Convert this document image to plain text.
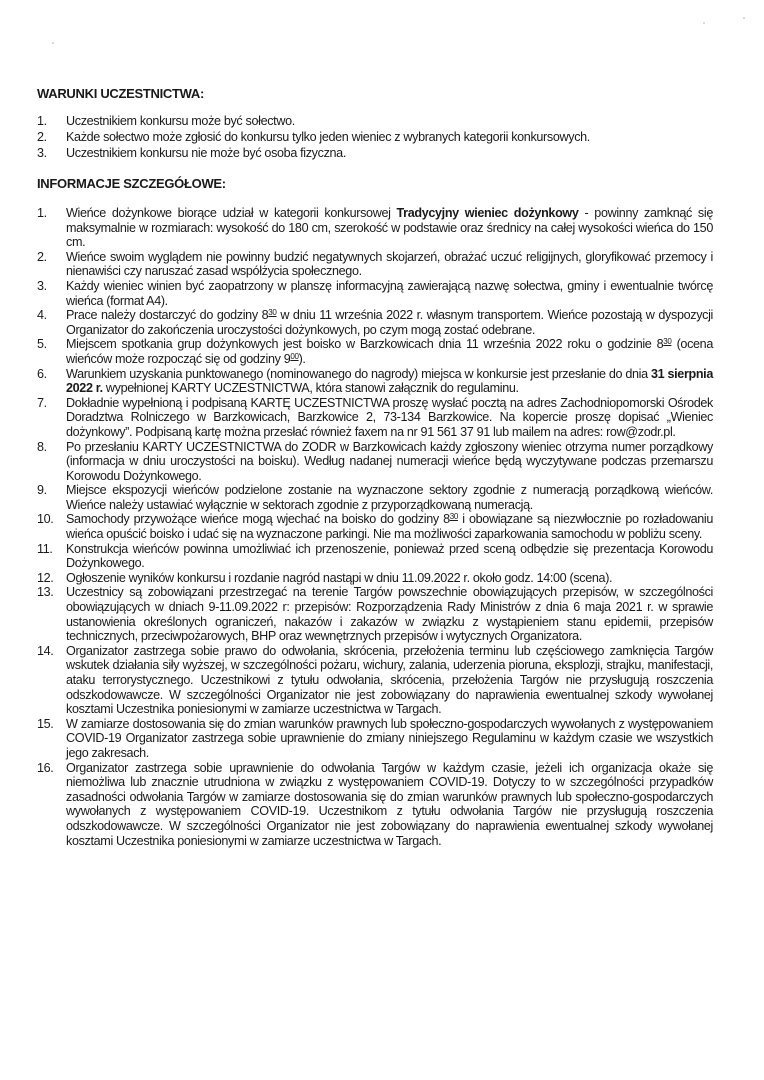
WARUNKI UCZESTNICTWA:
1.	Uczestnikiem konkursu może być sołectwo.
2.	Każde sołectwo może zgłosić do konkursu tylko jeden wieniec z wybranych kategorii konkursowych.
3.	Uczestnikiem konkursu nie może być osoba fizyczna.
INFORMACJE SZCZEGÓŁOWE:
1.	Wieńce dożynkowe biorące udział w kategorii konkursowej Tradycyjny wieniec dożynkowy - powinny zamknąć się maksymalnie w rozmiarach: wysokość do 180 cm, szerokość w podstawie oraz średnicy na całej wysokości wieńca do 150 cm.
2.	Wieńce swoim wyglądem nie powinny budzić negatywnych skojarzeń, obrażać uczuć religijnych, gloryfikować przemocy i nienawiści czy naruszać zasad współżycia społecznego.
3.	Każdy wieniec winien być zaopatrzony w planszę informacyjną zawierającą nazwę sołectwa, gminy i ewentualnie twórcę wieńca (format A4).
4.	Prace należy dostarczyć do godziny $8^{30}$ w dniu 11 września 2022 r. własnym transportem. Wieńce pozostają w dyspozycji Organizator do zakończenia uroczystości dożynkowych, po czym mogą zostać odebrane.
5.	Miejscem spotkania grup dożynkowych jest boisko w Barzkowicach dnia 11 września 2022 roku o godzinie $8^{30}$ (ocena wieńców może rozpocząć się od godziny $9^{00}$).
6.	Warunkiem uzyskania punktowanego (nominowanego do nagrody) miejsca w konkursie jest przesłanie do dnia 31 sierpnia 2022 r. wypełnionej KARTY UCZESTNICTWA, która stanowi załącznik do regulaminu.
7.	Dokładnie wypełnioną i podpisaną KARTĘ UCZESTNICTWA proszę wysłać pocztą na adres Zachodniopomorski Ośrodek Doradztwa Rolniczego w Barzkowicach, Barzkowice 2, 73-134 Barzkowice. Na kopercie proszę dopisać „Wieniec dożynkowy”. Podpisaną kartę można przesłać również faxem na nr 91 561 37 91 lub mailem na adres: row@zodr.pl.
8.	Po przesłaniu KARTY UCZESTNICTWA do ZODR w Barzkowicach każdy zgłoszony wieniec otrzyma numer porządkowy (informacja w dniu uroczystości na boisku). Według nadanej numeracji wieńce będą wyczytywane podczas przemarszu Korowodu Dożynkowego.
9.	Miejsce ekspozycji wieńców podzielone zostanie na wyznaczone sektory zgodnie z numeracją porządkową wieńców. Wieńce należy ustawiać wyłącznie w sektorach zgodnie z przyporządkowaną numeracją.
10. Samochody przywożące wieńce mogą wjechać na boisko do godziny $8^{30}$ i obowiązane są niezwłocznie po rozładowaniu wieńca opuścić boisko i udać się na wyznaczone parkingi. Nie ma możliwości zaparkowania samochodu w pobliżu sceny.
11.	Konstrukcja wieńców powinna umożliwiać ich przenoszenie, ponieważ przed sceną odbędzie się prezentacja Korowodu Dożynkowego.
12. Ogłoszenie wyników konkursu i rozdanie nagród nastąpi w dniu 11.09.2022 r. około godz. 14:00 (scena).
13. Uczestnicy są zobowiązani przestrzegać na terenie Targów powszechnie obowiązujących przepisów, w szczególności obowiązujących w dniach 9-11.09.2022 r: przepisów: Rozporządzenia Rady Ministrów z dnia 6 maja 2021 r. w sprawie ustanowienia określonych ograniczeń, nakazów i zakazów w związku z wystąpieniem stanu epidemii, przepisów technicznych, przeciwpożarowych, BHP oraz wewnętrznych przepisów i wytycznych Organizatora.
14. Organizator zastrzega sobie prawo do odwołania, skrócenia, przełożenia terminu lub częściowego zamknięcia Targów wskutek działania siły wyższej, w szczególności pożaru, wichury, zalania, uderzenia pioruna, eksplozji, strajku, manifestacji, ataku terrorystycznego. Uczestnikowi z tytułu odwołania, skrócenia, przełożenia Targów nie przysługują roszczenia odszkodowawcze. W szczególności Organizator nie jest zobowiązany do naprawienia ewentualnej szkody wywołanej kosztami Uczestnika poniesionymi w zamiarze uczestnictwa w Targach.
15. W zamiarze dostosowania się do zmian warunków prawnych lub społeczno-gospodarczych wywołanych z występowaniem COVID-19 Organizator zastrzega sobie uprawnienie do zmiany niniejszego Regulaminu w każdym czasie we wszystkich jego zakresach.
16. Organizator zastrzega sobie uprawnienie do odwołania Targów w każdym czasie, jeżeli ich organizacja okaże się niemożliwa lub znacznie utrudniona w związku z występowaniem COVID-19. Dotyczy to w szczególności przypadków zasadności odwołania Targów w zamiarze dostosowania się do zmian warunków prawnych lub społeczno-gospodarczych wywołanych z występowaniem COVID-19. Uczestnikom z tytułu odwołania Targów nie przysługują roszczenia odszkodowawcze. W szczególności Organizator nie jest zobowiązany do naprawienia ewentualnej szkody wywołanej kosztami Uczestnika poniesionymi w zamiarze uczestnictwa w Targach.
